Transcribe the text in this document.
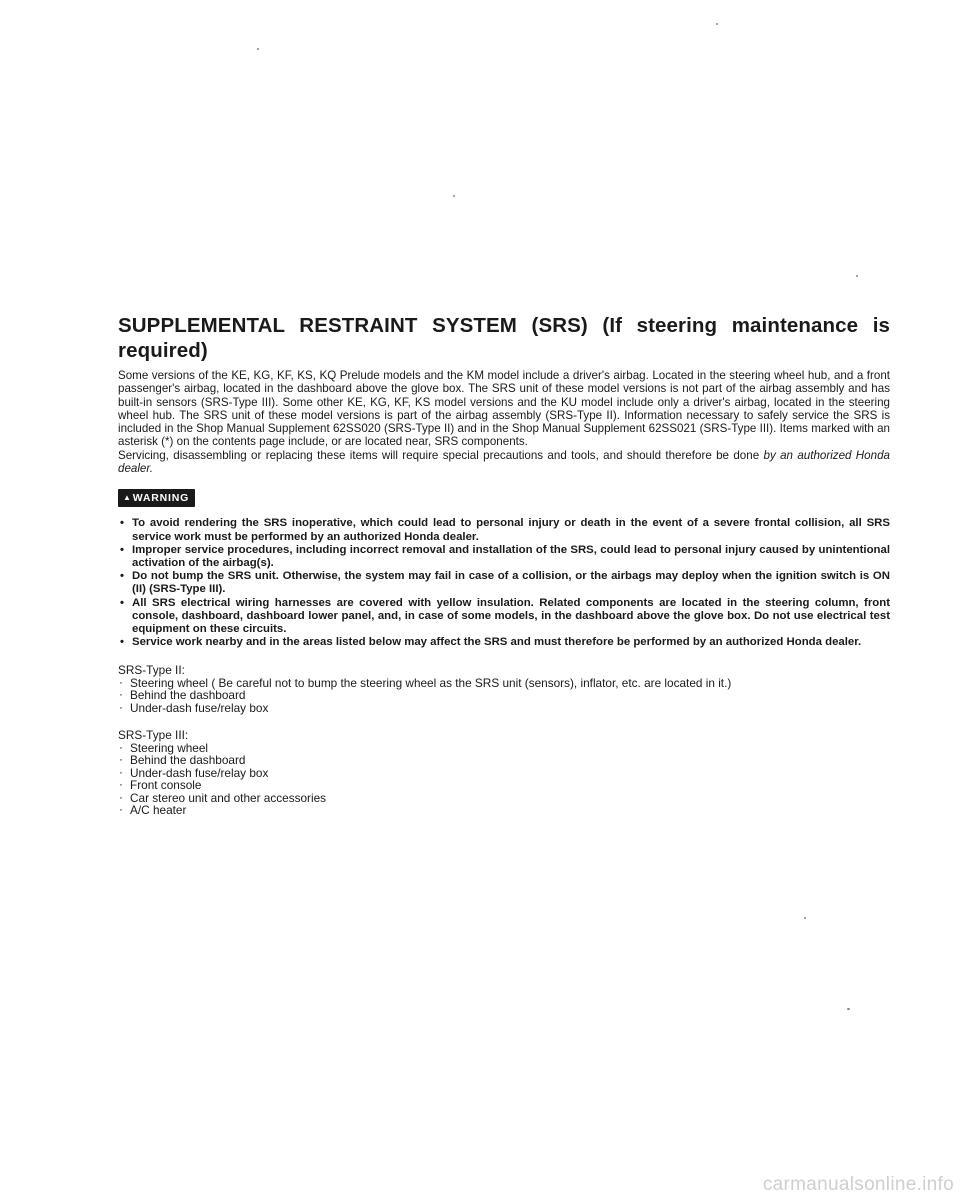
SUPPLEMENTAL RESTRAINT SYSTEM (SRS) (If steering maintenance is required)

Some versions of the KE, KG, KF, KS, KQ Prelude models and the KM model include a driver's airbag. Located in the steering wheel hub, and a front passenger's airbag, located in the dashboard above the glove box. The SRS unit of these model versions is not part of the airbag assembly and has built-in sensors (SRS-Type III). Some other KE, KG, KF, KS model versions and the KU model include only a driver's airbag, located in the steering wheel hub. The SRS unit of these model versions is part of the airbag assembly (SRS-Type II). Information necessary to safely service the SRS is included in the Shop Manual Supplement 62SS020 (SRS-Type II) and in the Shop Manual Supplement 62SS021 (SRS-Type III). Items marked with an asterisk (*) on the contents page include, or are located near, SRS components.

Servicing, disassembling or replacing these items will require special precautions and tools, and should therefore be done by an authorized Honda dealer.

▲WARNING
• To avoid rendering the SRS inoperative, which could lead to personal injury or death in the event of a severe frontal collision, all SRS service work must be performed by an authorized Honda dealer.
• Improper service procedures, including incorrect removal and installation of the SRS, could lead to personal injury caused by unintentional activation of the airbag(s).
• Do not bump the SRS unit. Otherwise, the system may fail in case of a collision, or the airbags may deploy when the ignition switch is ON (II) (SRS-Type III).
• All SRS electrical wiring harnesses are covered with yellow insulation. Related components are located in the steering column, front console, dashboard, dashboard lower panel, and, in case of some models, in the dashboard above the glove box. Do not use electrical test equipment on these circuits.
• Service work nearby and in the areas listed below may affect the SRS and must therefore be performed by an authorized Honda dealer.

SRS-Type II:

· Steering wheel ( Be careful not to bump the steering wheel as the SRS unit (sensors), inflator, etc. are located in it.)
· Behind the dashboard
· Under-dash fuse/relay box

SRS-Type III:

· Steering wheel
· Behind the dashboard
· Under-dash fuse/relay box
· Front console
· Car stereo unit and other accessories
· A/C heater
carmanualsonline.info
